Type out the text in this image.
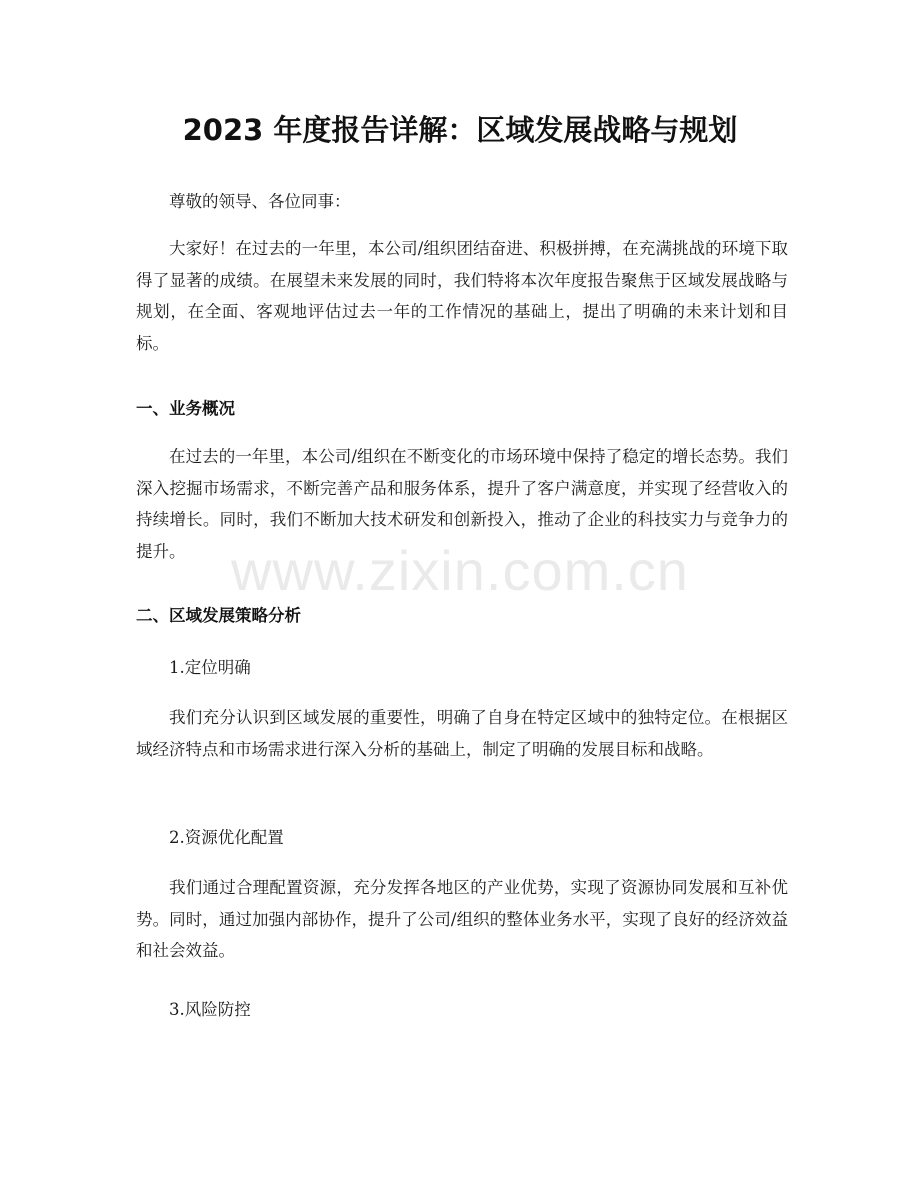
2023 年度报告详解：区域发展战略与规划

尊敬的领导、各位同事：

大家好！在过去的一年里，本公司/组织团结奋进、积极拼搏，在充满挑战的环境下取得了显著的成绩。在展望未来发展的同时，我们特将本次年度报告聚焦于区域发展战略与规划，在全面、客观地评估过去一年的工作情况的基础上，提出了明确的未来计划和目标。

一、业务概况

在过去的一年里，本公司/组织在不断变化的市场环境中保持了稳定的增长态势。我们深入挖掘市场需求，不断完善产品和服务体系，提升了客户满意度，并实现了经营收入的持续增长。同时，我们不断加大技术研发和创新投入，推动了企业的科技实力与竞争力的提升。

二、区域发展策略分析

1.定位明确

我们充分认识到区域发展的重要性，明确了自身在特定区域中的独特定位。在根据区域经济特点和市场需求进行深入分析的基础上，制定了明确的发展目标和战略。

2.资源优化配置

我们通过合理配置资源，充分发挥各地区的产业优势，实现了资源协同发展和互补优势。同时，通过加强内部协作，提升了公司/组织的整体业务水平，实现了良好的经济效益和社会效益。

3.风险防控

www.zixin.com.cn
